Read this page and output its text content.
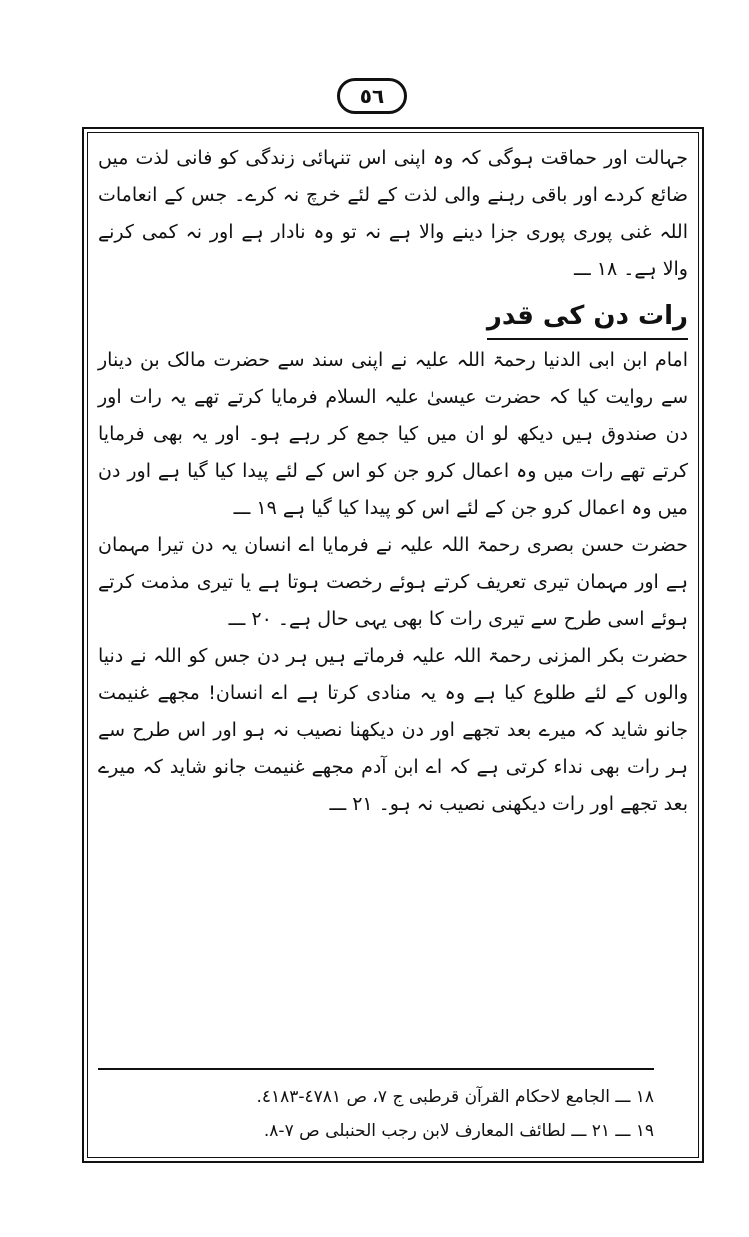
٥٦

جہالت اور حماقت ہوگی کہ وہ اپنی اس تنہائی زندگی کو فانی لذت میں ضائع کردے اور باقی رہنے والی لذت کے لئے خرچ نہ کرے۔ جس کے انعامات اللہ غنی پوری پوری جزا دینے والا ہے نہ تو وہ نادار ہے اور نہ کمی کرنے والا ہے۔ ۱۸ ـــ

رات دن کی قدر

امام ابن ابی الدنیا رحمۃ اللہ علیہ نے اپنی سند سے حضرت مالک بن دینار سے روایت کیا کہ حضرت عیسیٰ علیہ السلام فرمایا کرتے تھے یہ رات اور دن صندوق ہیں دیکھ لو ان میں کیا جمع کر رہے ہو۔ اور یہ بھی فرمایا کرتے تھے رات میں وہ اعمال کرو جن کو اس کے لئے پیدا کیا گیا ہے اور دن میں وہ اعمال کرو جن کے لئے اس کو پیدا کیا گیا ہے ۱۹ ـــ

حضرت حسن بصری رحمۃ اللہ علیہ نے فرمایا اے انسان یہ دن تیرا مہمان ہے اور مہمان تیری تعریف کرتے ہوئے رخصت ہوتا ہے یا تیری مذمت کرتے ہوئے اسی طرح سے تیری رات کا بھی یہی حال ہے۔ ۲۰ ـــ

حضرت بکر المزنی رحمۃ اللہ علیہ فرماتے ہیں ہر دن جس کو اللہ نے دنیا والوں کے لئے طلوع کیا ہے وہ یہ منادی کرتا ہے اے انسان! مجھے غنیمت جانو شاید کہ میرے بعد تجھے اور دن دیکھنا نصیب نہ ہو اور اس طرح سے ہر رات بھی نداء کرتی ہے کہ اے ابن آدم مجھے غنیمت جانو شاید کہ میرے بعد تجھے اور رات دیکھنی نصیب نہ ہو۔ ۲۱ ـــ

۱۸ ـــ الجامع لاحکام القرآن قرطبی ج ۷، ص ٤٧٨١-٤١٨٣.

۱۹ ـــ ۲۱ ـــ لطائف المعارف لابن رجب الحنبلی ص ۷-۸.
